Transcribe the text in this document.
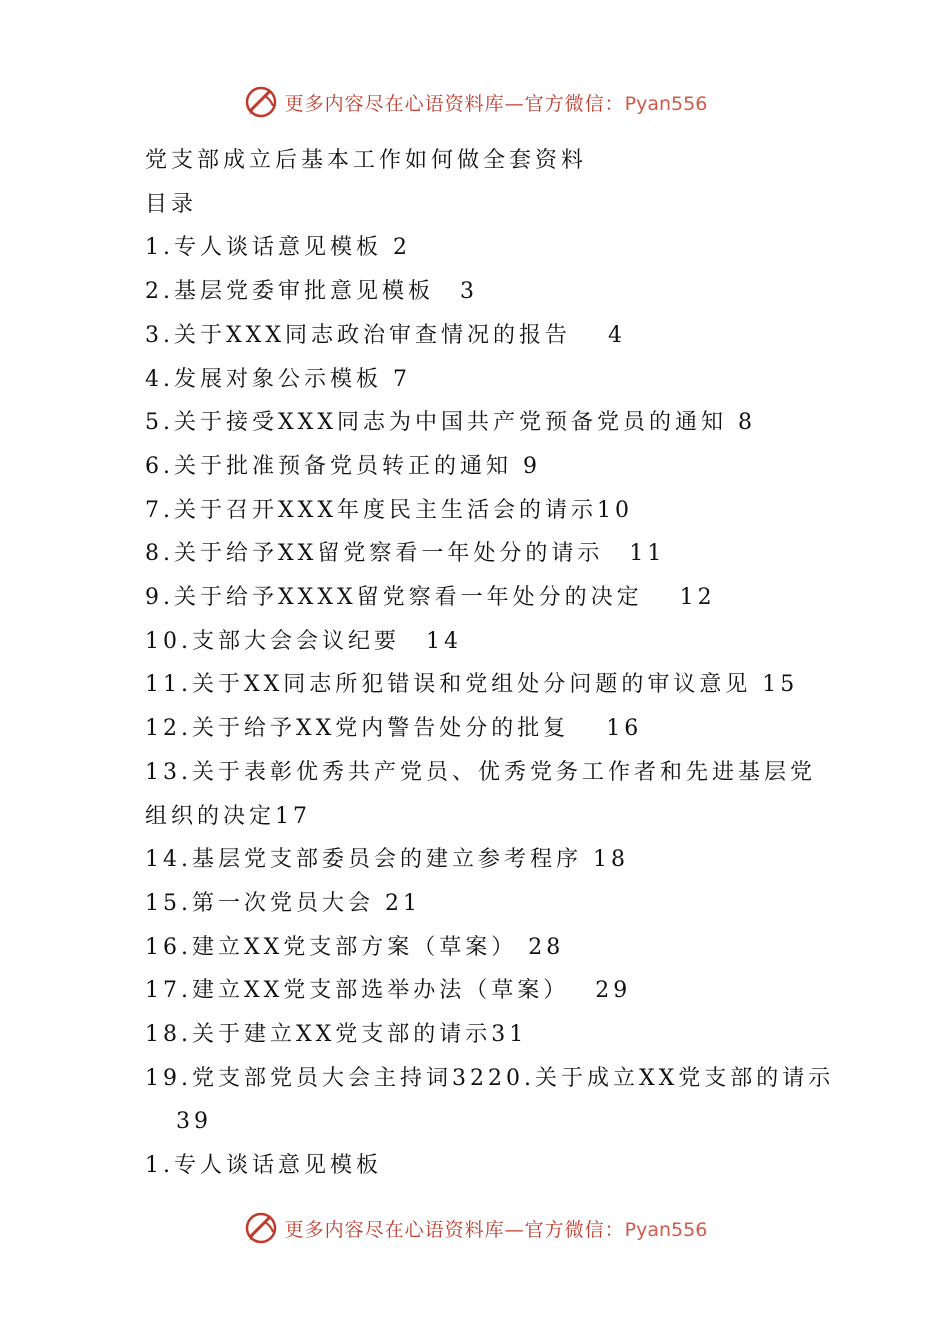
更多内容尽在心语资料库—官方微信：Pyan556
党支部成立后基本工作如何做全套资料
目录
1.专人谈话意见模板 2
2.基层党委审批意见模板　3
3.关于XXX同志政治审查情况的报告　 4
4.发展对象公示模板 7
5.关于接受XXX同志为中国共产党预备党员的通知 8
6.关于批准预备党员转正的通知 9
7.关于召开XXX年度民主生活会的请示10
8.关于给予XX留党察看一年处分的请示　11
9.关于给予XXXX留党察看一年处分的决定　 12
10.支部大会会议纪要　14
11.关于XX同志所犯错误和党组处分问题的审议意见 15
12.关于给予XX党内警告处分的批复　 16
13.关于表彰优秀共产党员、优秀党务工作者和先进基层党
组织的决定17
14.基层党支部委员会的建立参考程序 18
15.第一次党员大会 21
16.建立XX党支部方案（草案） 28
17.建立XX党支部选举办法（草案）　 29
18.关于建立XX党支部的请示31
19.党支部党员大会主持词3220.关于成立XX党支部的请示
39
1.专人谈话意见模板
更多内容尽在心语资料库—官方微信：Pyan556
